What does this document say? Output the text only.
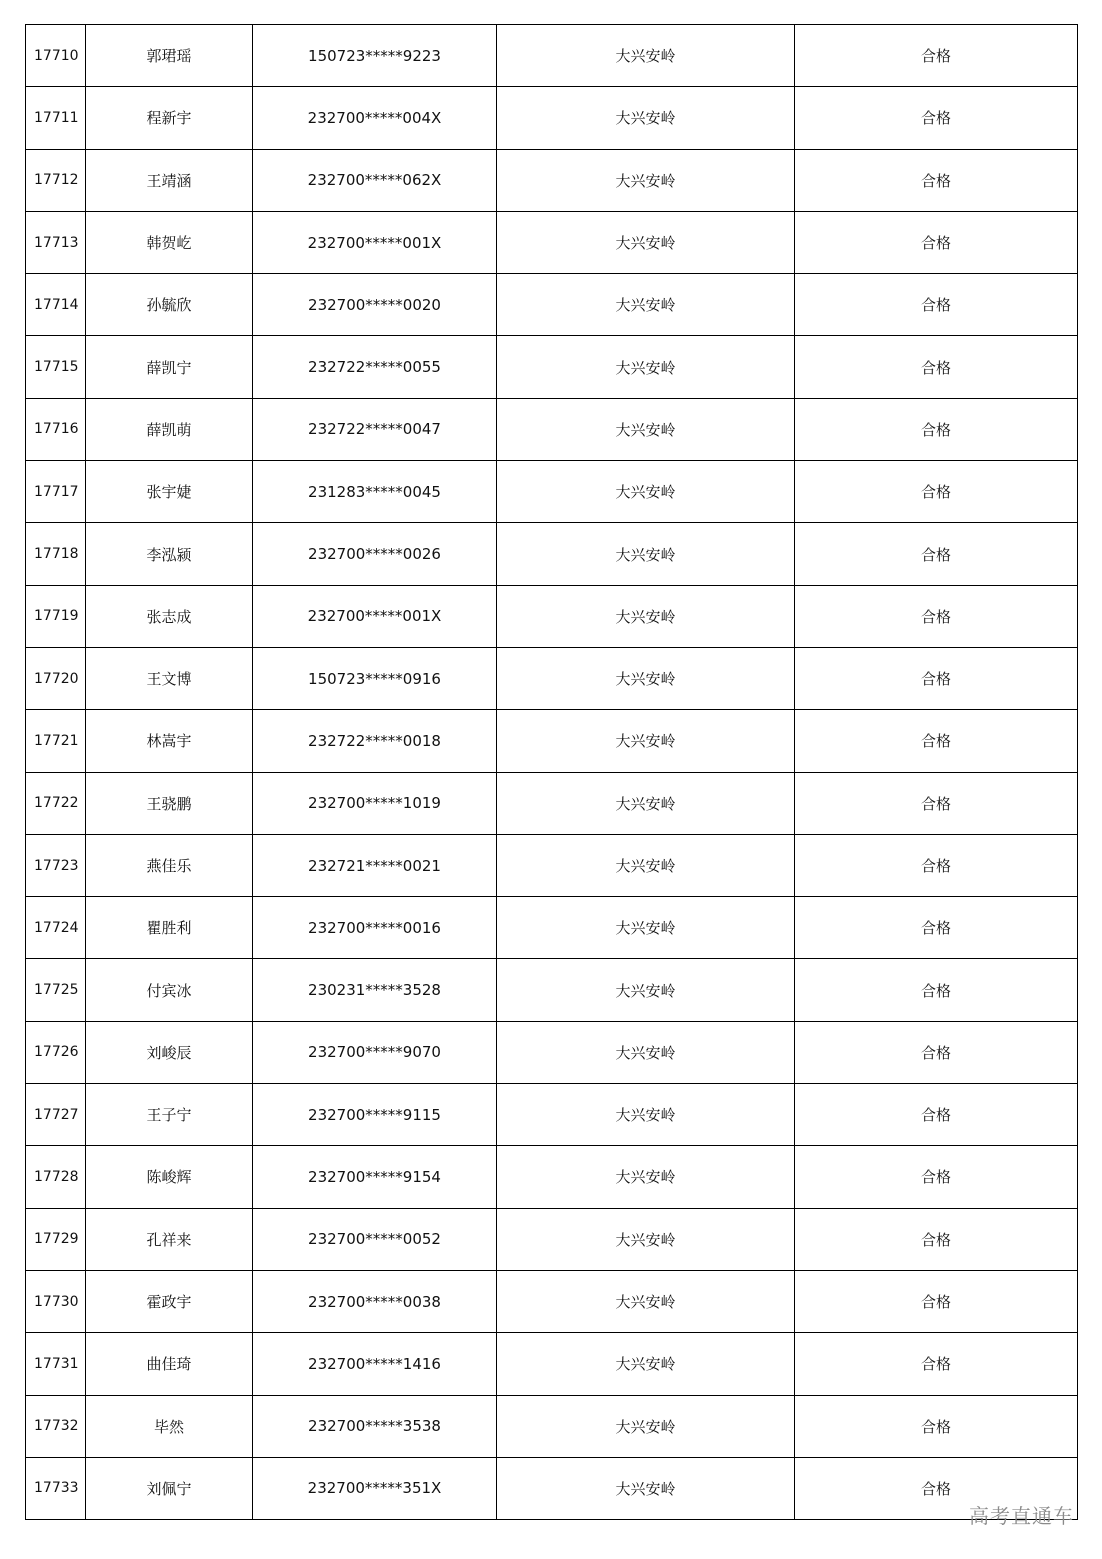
17710	郭珺瑶	150723*****9223	大兴安岭	合格
17711	程新宇	232700*****004X	大兴安岭	合格
17712	王靖涵	232700*****062X	大兴安岭	合格
17713	韩贺屹	232700*****001X	大兴安岭	合格
17714	孙毓欣	232700*****0020	大兴安岭	合格
17715	薛凯宁	232722*****0055	大兴安岭	合格
17716	薛凯萌	232722*****0047	大兴安岭	合格
17717	张宇婕	231283*****0045	大兴安岭	合格
17718	李泓颍	232700*****0026	大兴安岭	合格
17719	张志成	232700*****001X	大兴安岭	合格
17720	王文博	150723*****0916	大兴安岭	合格
17721	林嵩宇	232722*****0018	大兴安岭	合格
17722	王骁鹏	232700*****1019	大兴安岭	合格
17723	燕佳乐	232721*****0021	大兴安岭	合格
17724	瞿胜利	232700*****0016	大兴安岭	合格
17725	付宾冰	230231*****3528	大兴安岭	合格
17726	刘峻辰	232700*****9070	大兴安岭	合格
17727	王子宁	232700*****9115	大兴安岭	合格
17728	陈峻辉	232700*****9154	大兴安岭	合格
17729	孔祥来	232700*****0052	大兴安岭	合格
17730	霍政宇	232700*****0038	大兴安岭	合格
17731	曲佳琦	232700*****1416	大兴安岭	合格
17732	毕然	232700*****3538	大兴安岭	合格
17733	刘佩宁	232700*****351X	大兴安岭	合格
高考直通车
